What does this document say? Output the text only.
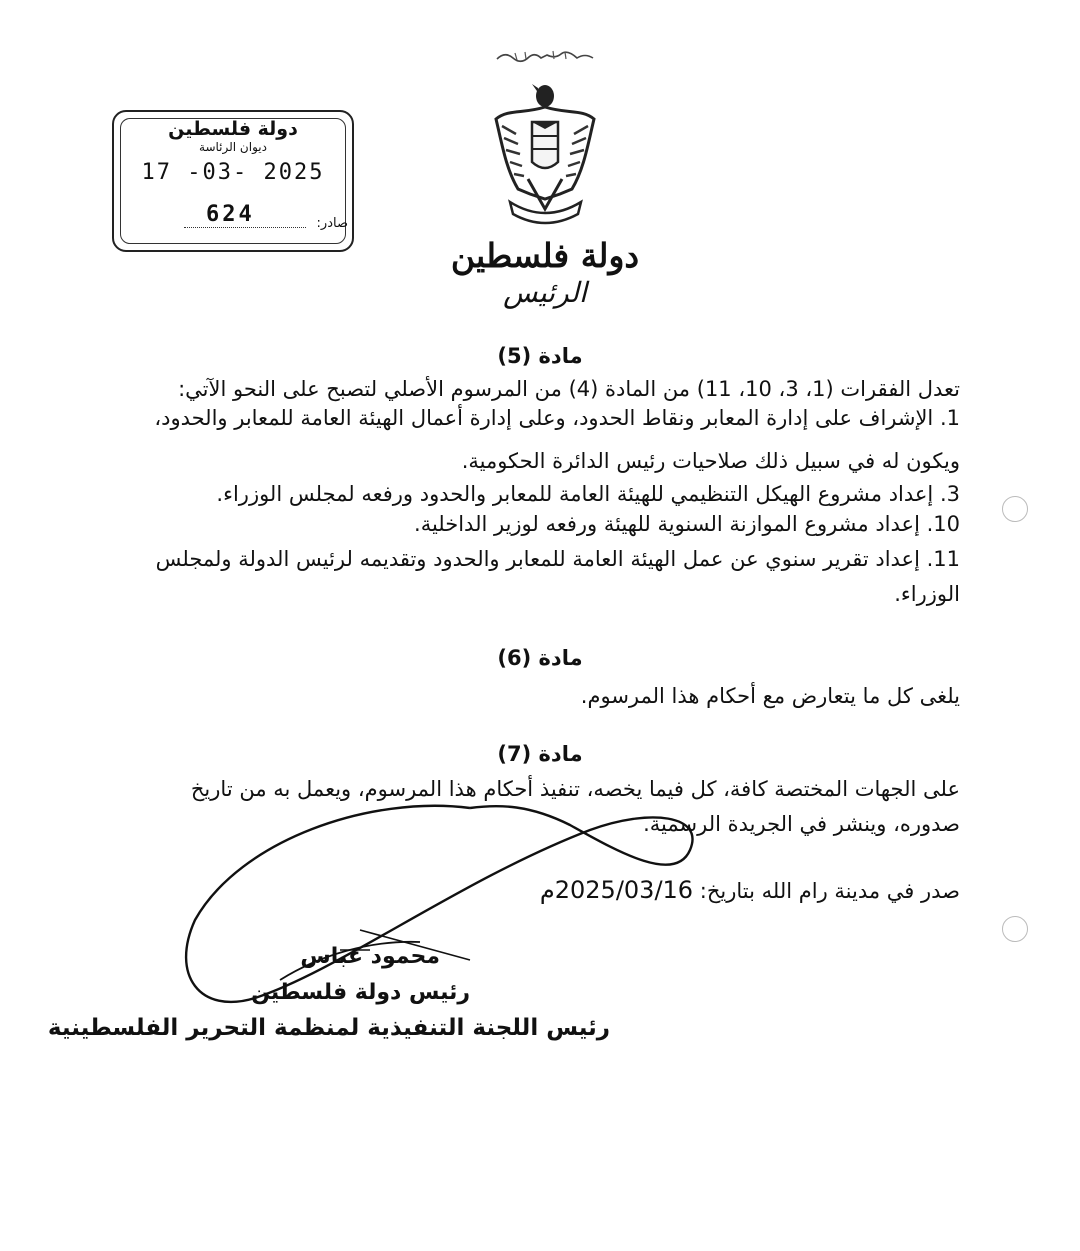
دولة فلسطين
الرئيس
دولة فلسطين
ديوان الرئاسة
17 -03- 2025
624	صادر:
مادة (5)
تعدل الفقرات (1، 3، 10، 11) من المادة (4) من المرسوم الأصلي لتصبح على النحو الآتي:
1. الإشراف على إدارة المعابر ونقاط الحدود، وعلى إدارة أعمال الهيئة العامة للمعابر والحدود،
ويكون له في سبيل ذلك صلاحيات رئيس الدائرة الحكومية.
3. إعداد مشروع الهيكل التنظيمي للهيئة العامة للمعابر والحدود ورفعه لمجلس الوزراء.
10. إعداد مشروع الموازنة السنوية للهيئة ورفعه لوزير الداخلية.
11. إعداد تقرير سنوي عن عمل الهيئة العامة للمعابر والحدود وتقديمه لرئيس الدولة ولمجلس
الوزراء.
مادة (6)
يلغى كل ما يتعارض مع أحكام هذا المرسوم.
مادة (7)
على الجهات المختصة كافة، كل فيما يخصه، تنفيذ أحكام هذا المرسوم، ويعمل به من تاريخ
صدوره، وينشر في الجريدة الرسمية.
صدر في مدينة رام الله بتاريخ: 2025/03/16م
محمود عباس
رئيس دولة فلسطين
رئيس اللجنة التنفيذية لمنظمة التحرير الفلسطينية
